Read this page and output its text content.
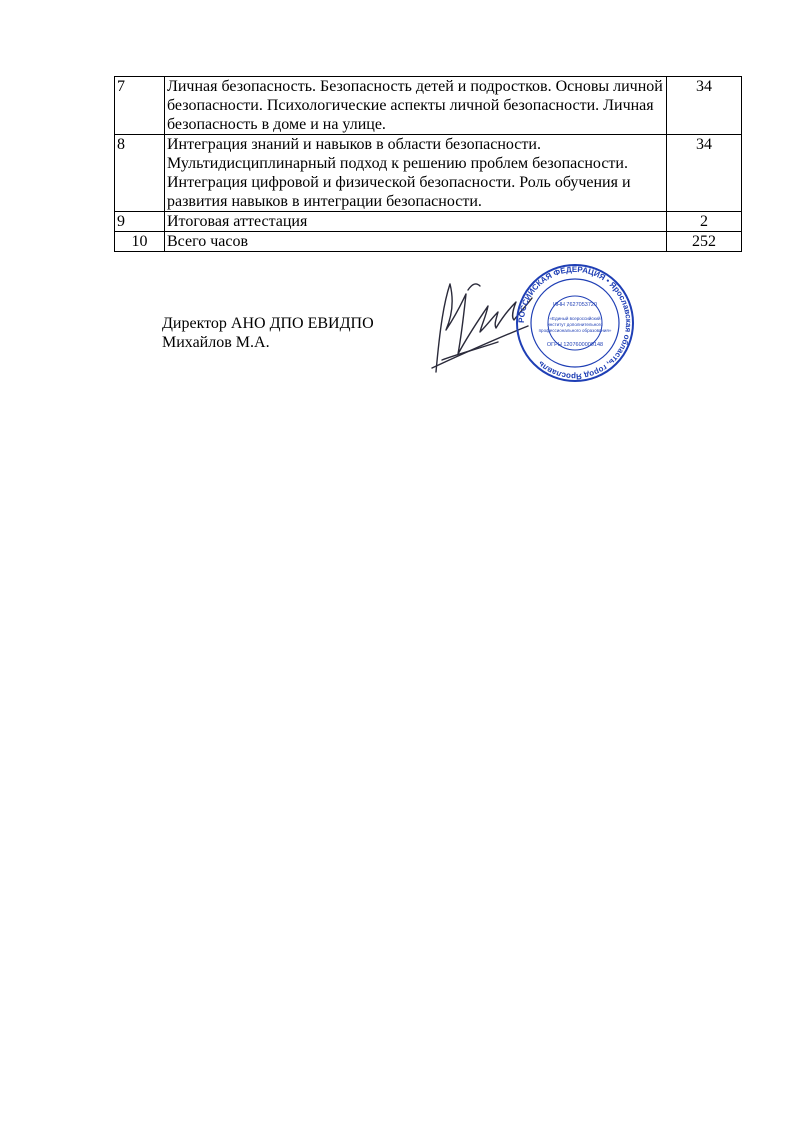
7	Личная безопасность. Безопасность детей и подростков. Основы личной безопасности. Психологические аспекты личной безопасности. Личная безопасность в доме и на улице.	34
8	Интеграция знаний и навыков в области безопасности. Мультидисциплинарный подход к решению проблем безопасности. Интеграция цифровой и физической безопасности. Роль обучения и развития навыков в интеграции безопасности.	34
9	Итоговая аттестация	2
10	Всего часов	252
Директор АНО ДПО ЕВИДПО
Михайлов М.А.
РОССИЙСКАЯ ФЕДЕРАЦИЯ • Ярославская область, город Ярославль
ИНН 7627053720
«Единый всероссийский институт дополнительного профессионального образования»
ОГРН 1207600009148
